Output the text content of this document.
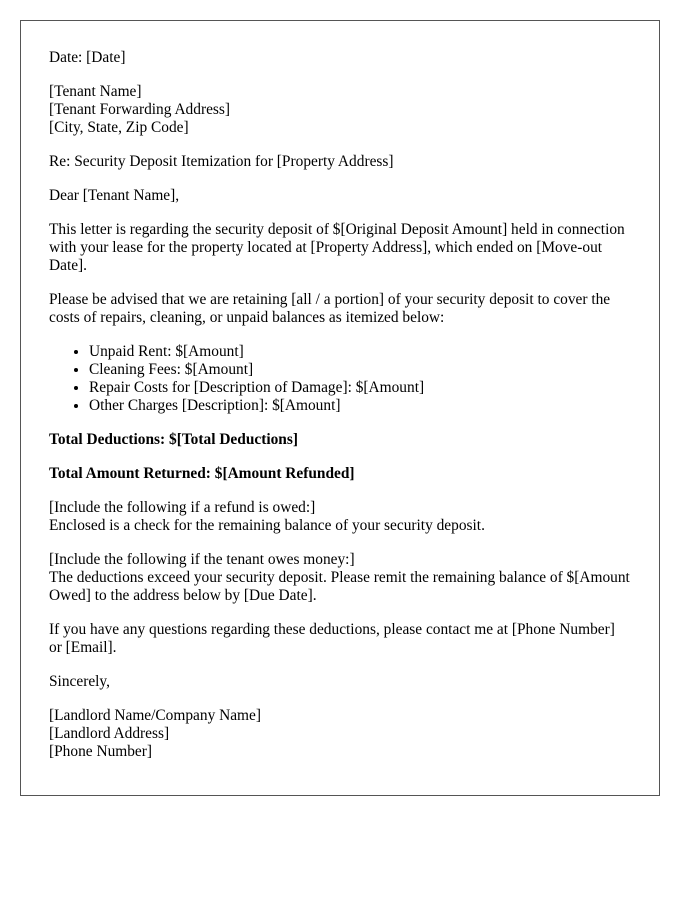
Date: [Date]

[Tenant Name]
[Tenant Forwarding Address]
[City, State, Zip Code]

Re: Security Deposit Itemization for [Property Address]

Dear [Tenant Name],

This letter is regarding the security deposit of $[Original Deposit Amount] held in connection with your lease for the property located at [Property Address], which ended on [Move-out Date].

Please be advised that we are retaining [all / a portion] of your security deposit to cover the costs of repairs, cleaning, or unpaid balances as itemized below:

• Unpaid Rent: $[Amount]
• Cleaning Fees: $[Amount]
• Repair Costs for [Description of Damage]: $[Amount]
• Other Charges [Description]: $[Amount]

Total Deductions: $[Total Deductions]

Total Amount Returned: $[Amount Refunded]

[Include the following if a refund is owed:]
Enclosed is a check for the remaining balance of your security deposit.

[Include the following if the tenant owes money:]
The deductions exceed your security deposit. Please remit the remaining balance of $[Amount Owed] to the address below by [Due Date].

If you have any questions regarding these deductions, please contact me at [Phone Number] or [Email].

Sincerely,

[Landlord Name/Company Name]
[Landlord Address]
[Phone Number]
